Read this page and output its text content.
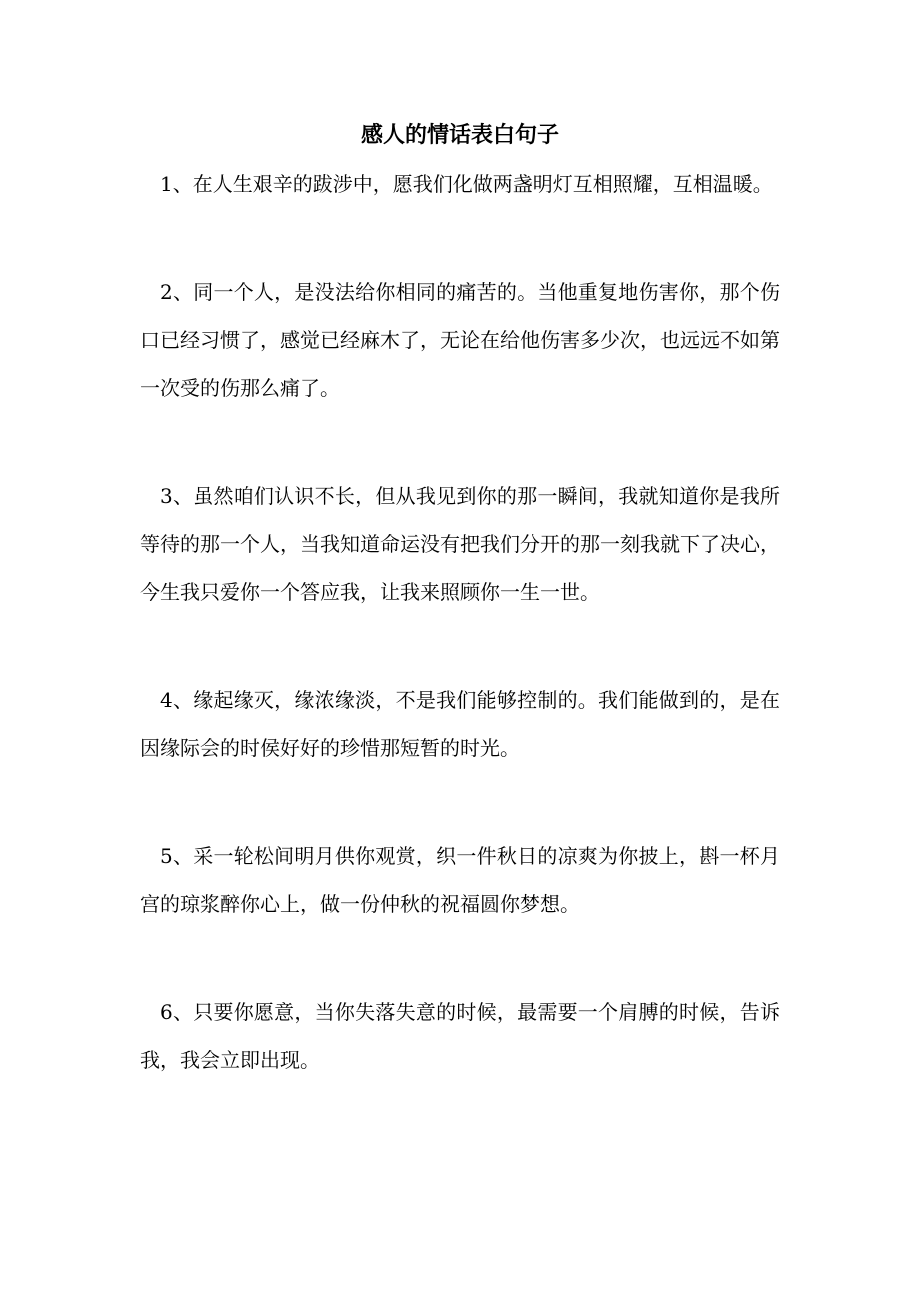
感人的情话表白句子

1、在人生艰辛的跋涉中，愿我们化做两盏明灯互相照耀，互相温暖。

2、同一个人，是没法给你相同的痛苦的。当他重复地伤害你，那个伤口已经习惯了，感觉已经麻木了，无论在给他伤害多少次，也远远不如第一次受的伤那么痛了。

3、虽然咱们认识不长，但从我见到你的那一瞬间，我就知道你是我所等待的那一个人，当我知道命运没有把我们分开的那一刻我就下了决心，今生我只爱你一个答应我，让我来照顾你一生一世。

4、缘起缘灭，缘浓缘淡，不是我们能够控制的。我们能做到的，是在因缘际会的时侯好好的珍惜那短暂的时光。

5、采一轮松间明月供你观赏，织一件秋日的凉爽为你披上，斟一杯月宫的琼浆醉你心上，做一份仲秋的祝福圆你梦想。

6、只要你愿意，当你失落失意的时候，最需要一个肩膊的时候，告诉我，我会立即出现。
